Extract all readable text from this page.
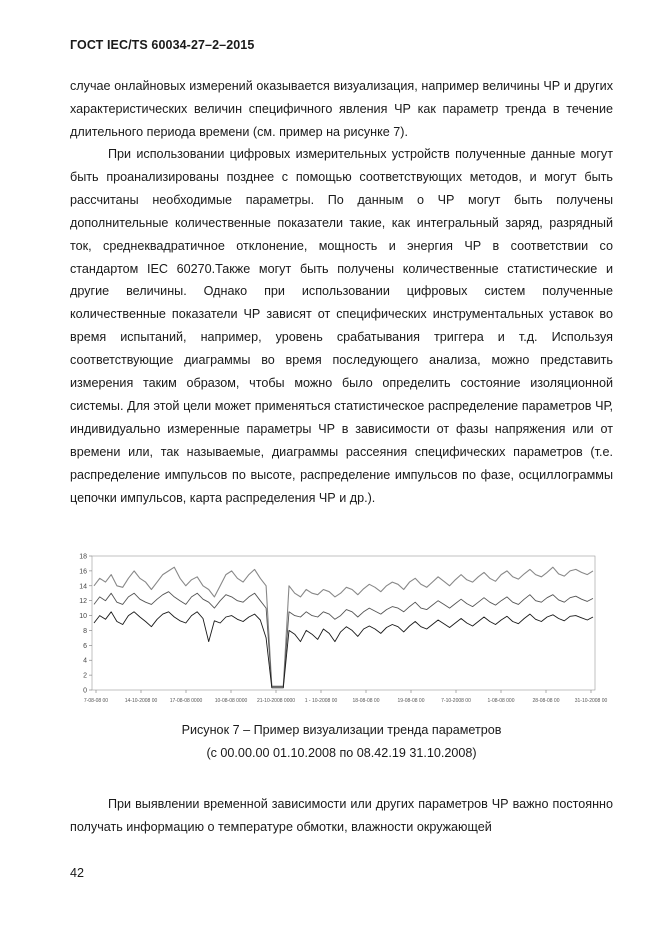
ГОСТ IEC/TS 60034-27–2–2015

случае онлайновых измерений оказывается визуализация, например величины ЧР и других характеристических величин специфичного явления ЧР как параметр тренда в течение длительного периода времени (см. пример на рисунке 7).

При использовании цифровых измерительных устройств полученные данные могут быть проанализированы позднее с помощью соответствующих методов, и могут быть рассчитаны необходимые параметры. По данным о ЧР могут быть получены дополнительные количественные показатели такие, как интегральный заряд, разрядный ток, среднеквадратичное отклонение, мощность и энергия ЧР в соответствии со стандартом IEC 60270.Также могут быть получены количественные статистические и другие величины. Однако при использовании цифровых систем полученные количественные показатели ЧР зависят от специфических инструментальных уставок во время испытаний, например, уровень срабатывания триггера и т.д. Используя соответствующие диаграммы во время последующего анализа, можно представить измерения таким образом, чтобы можно было определить состояние изоляционной системы. Для этой цели может применяться статистическое распределение параметров ЧР, индивидуально измеренные параметры ЧР в зависимости от фазы напряжения или от времени или, так называемые, диаграммы рассеяния специфических параметров (т.е. распределение импульсов по высоте, распределение импульсов по фазе, осциллограммы цепочки импульсов, карта распределения ЧР и др.).

0
2
4
6
8
10
12
14
16
18
7-08-08 00	14-10-2008 00 17-08-08 0000 10-08-08 0000 21-10-2008 0000 1 - 10-2008 00	18-08-08 00	19-08-08 00	7-10-2008 00	1-08-08 000	28-08-08 00	31-10-2008 00
Рисунок 7 – Пример визуализации тренда параметров
(с 00.00.00 01.10.2008 по 08.42.19 31.10.2008)

При выявлении временной зависимости или других параметров ЧР важно постоянно получать информацию о температуре обмотки, влажности окружающей

42
